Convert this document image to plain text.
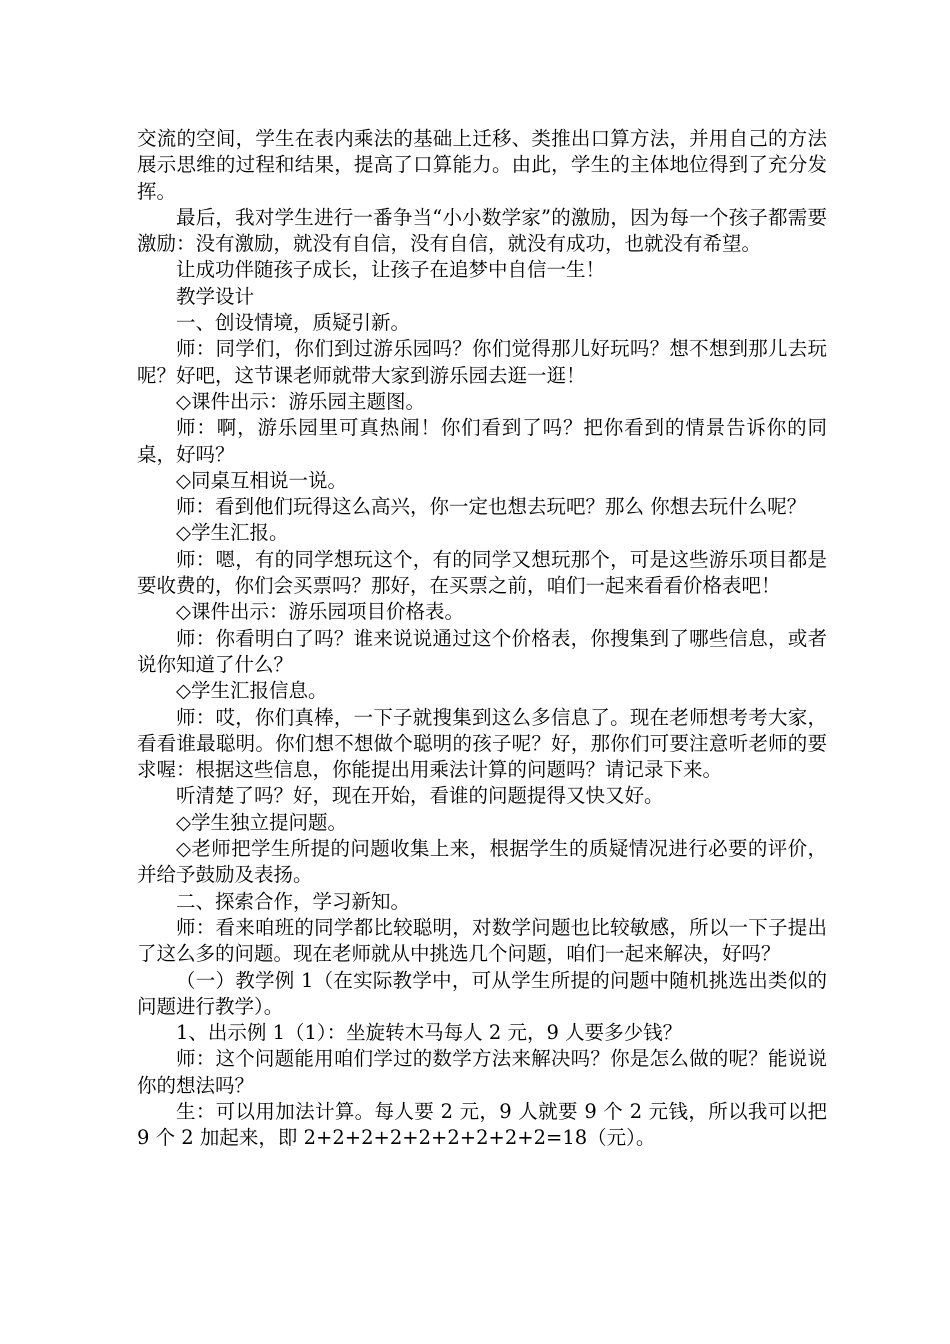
交流的空间，学生在表内乘法的基础上迁移、类推出口算方法，并用自己的方法展示思维的过程和结果，提高了口算能力。由此，学生的主体地位得到了充分发挥。

最后，我对学生进行一番争当“小小数学家”的激励，因为每一个孩子都需要激励：没有激励，就没有自信，没有自信，就没有成功，也就没有希望。

让成功伴随孩子成长，让孩子在追梦中自信一生！

教学设计

一、创设情境，质疑引新。

师：同学们，你们到过游乐园吗？你们觉得那儿好玩吗？想不想到那儿去玩呢？好吧，这节课老师就带大家到游乐园去逛一逛！

◇课件出示：游乐园主题图。

师：啊，游乐园里可真热闹！你们看到了吗？把你看到的情景告诉你的同桌，好吗？

◇同桌互相说一说。

师：看到他们玩得这么高兴，你一定也想去玩吧？那么 你想去玩什么呢？

◇学生汇报。

师：嗯，有的同学想玩这个，有的同学又想玩那个，可是这些游乐项目都是要收费的，你们会买票吗？那好，在买票之前，咱们一起来看看价格表吧！

◇课件出示：游乐园项目价格表。

师：你看明白了吗？谁来说说通过这个价格表，你搜集到了哪些信息，或者说你知道了什么？

◇学生汇报信息。

师：哎，你们真棒，一下子就搜集到这么多信息了。现在老师想考考大家，看看谁最聪明。你们想不想做个聪明的孩子呢？好，那你们可要注意听老师的要求喔：根据这些信息，你能提出用乘法计算的问题吗？请记录下来。

听清楚了吗？好，现在开始，看谁的问题提得又快又好。

◇学生独立提问题。

◇老师把学生所提的问题收集上来，根据学生的质疑情况进行必要的评价，并给予鼓励及表扬。

二、探索合作，学习新知。

师：看来咱班的同学都比较聪明，对数学问题也比较敏感，所以一下子提出了这么多的问题。现在老师就从中挑选几个问题，咱们一起来解决，好吗？

（一）教学例 1（在实际教学中，可从学生所提的问题中随机挑选出类似的问题进行教学）。

1、出示例 1（1）：坐旋转木马每人 2 元，9 人要多少钱？

师：这个问题能用咱们学过的数学方法来解决吗？你是怎么做的呢？能说说你的想法吗？

生：可以用加法计算。每人要 2 元，9 人就要 9 个 2 元钱，所以我可以把 9 个 2 加起来，即 2+2+2+2+2+2+2+2+2=18（元）。
